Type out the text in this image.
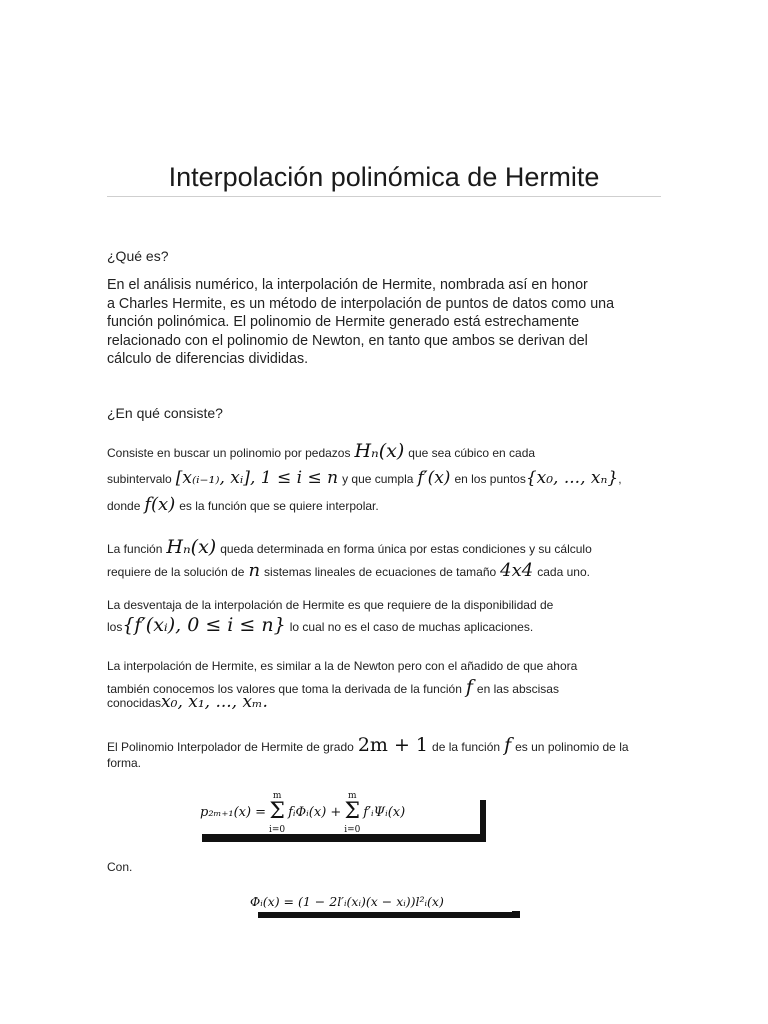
Interpolación polinómica de Hermite
¿Qué es?
En el análisis numérico, la interpolación de Hermite, nombrada así en honor
a Charles Hermite, es un método de interpolación de puntos de datos como una
función polinómica. El polinomio de Hermite generado está estrechamente
relacionado con el polinomio de Newton, en tanto que ambos se derivan del
cálculo de diferencias divididas.
¿En qué consiste?
Consiste en buscar un polinomio por pedazos Hₙ(x) que sea cúbico en cada
subintervalo [x₍ᵢ₋₁₎, xᵢ], 1 ≤ i ≤ n y que cumpla f′(x) en los puntos {x₀, ..., xₙ} ,
donde f(x) es la función que se quiere interpolar.
La función Hₙ(x) queda determinada en forma única por estas condiciones y su cálculo
requiere de la solución de n sistemas lineales de ecuaciones de tamaño 4x4 cada uno.
La desventaja de la interpolación de Hermite es que requiere de la disponibilidad de
los {f′(xᵢ), 0 ≤ i ≤ n} lo cual no es el caso de muchas aplicaciones.
La interpolación de Hermite, es similar a la de Newton pero con el añadido de que ahora
también conocemos los valores que toma la derivada de la función f en las abscisas
conocidas x₀, x₁, ..., xₘ.
El Polinomio Interpolador de Hermite de grado 2m + 1 de la función f es un polinomio de la
forma.
p₂ₘ₊₁(x) =
m
Σ
i=0
fᵢΦᵢ(x) +
m
Σ
i=0
f′ᵢΨᵢ(x)
Con.
Φᵢ(x) = (1 − 2l′ᵢ(xᵢ)(x − xᵢ))l²ᵢ(x)
